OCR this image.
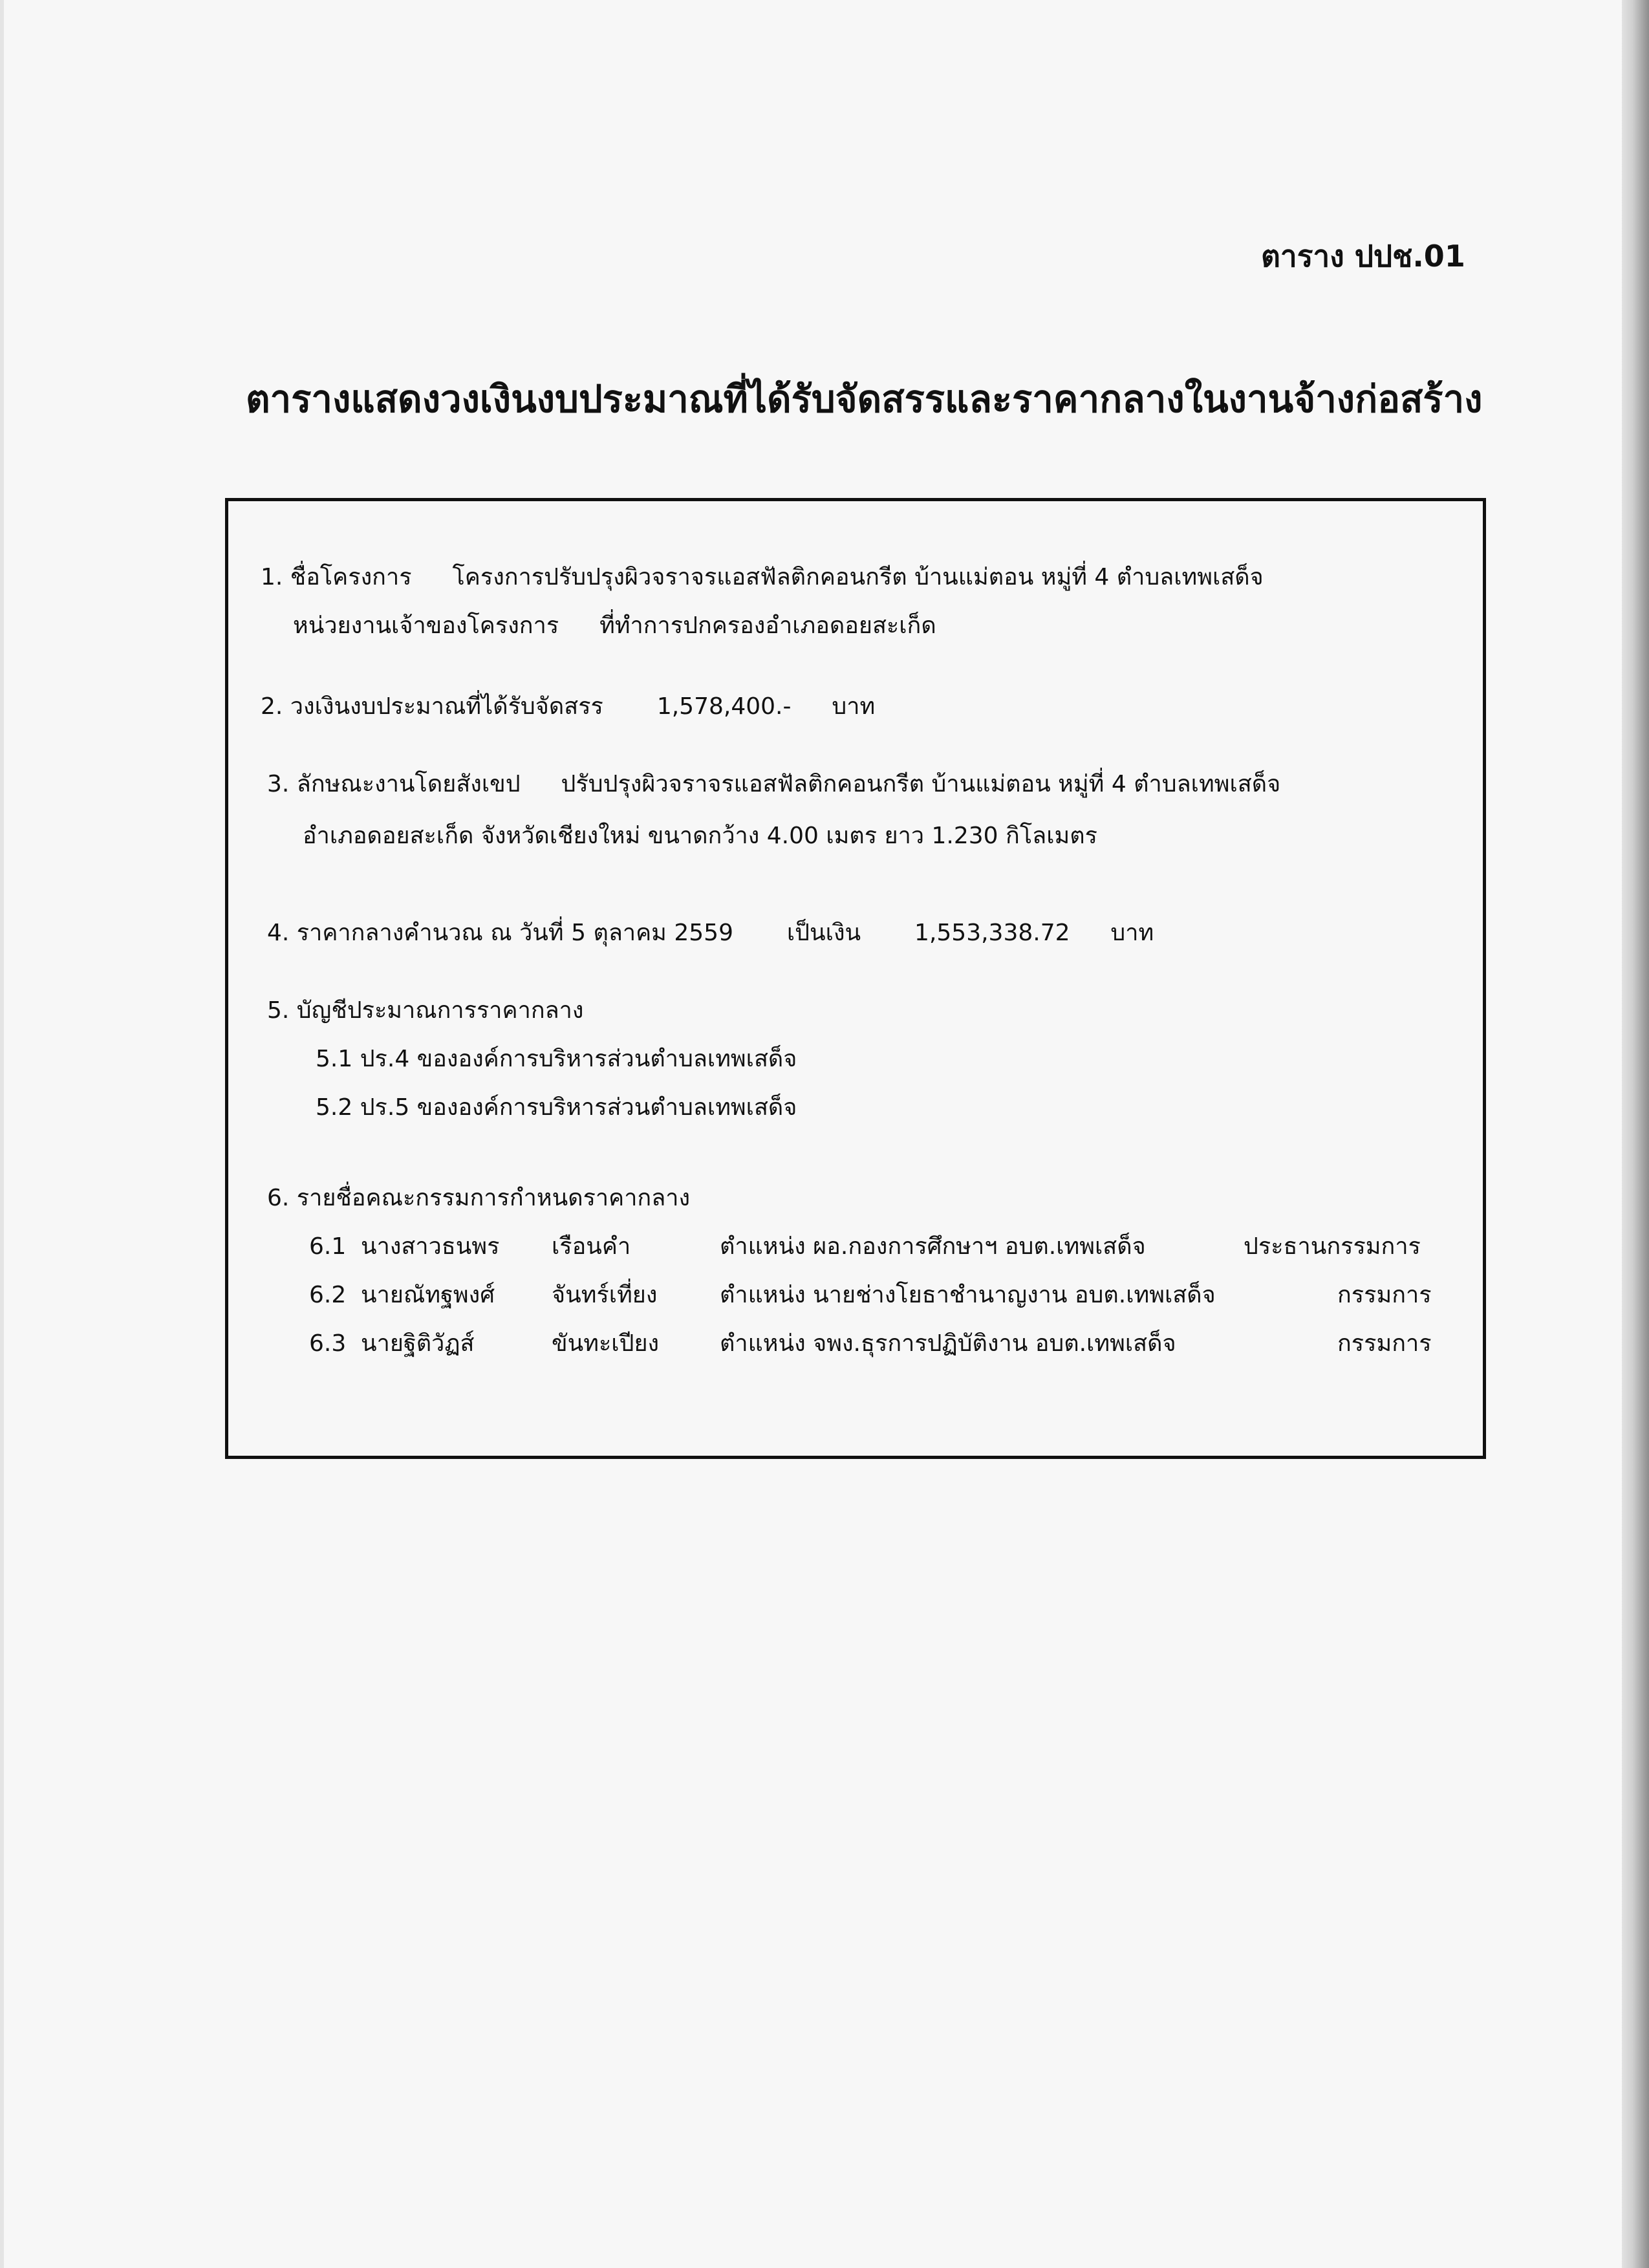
ตาราง ปปช.01
ตารางแสดงวงเงินงบประมาณที่ได้รับจัดสรรและราคากลางในงานจ้างก่อสร้าง
1. ชื่อโครงการ โครงการปรับปรุงผิวจราจรแอสฟัลติกคอนกรีต บ้านแม่ตอน หมู่ที่ 4 ตำบลเทพเสด็จ
หน่วยงานเจ้าของโครงการ ที่ทำการปกครองอำเภอดอยสะเก็ด
2. วงเงินงบประมาณที่ได้รับจัดสรร 1,578,400.- บาท
3. ลักษณะงานโดยสังเขป ปรับปรุงผิวจราจรแอสฟัลติกคอนกรีต บ้านแม่ตอน หมู่ที่ 4 ตำบลเทพเสด็จ
อำเภอดอยสะเก็ด จังหวัดเชียงใหม่ ขนาดกว้าง 4.00 เมตร ยาว 1.230 กิโลเมตร
4. ราคากลางคำนวณ ณ วันที่ 5 ตุลาคม 2559 เป็นเงิน 1,553,338.72 บาท
5. บัญชีประมาณการราคากลาง
5.1 ปร.4 ขององค์การบริหารส่วนตำบลเทพเสด็จ
5.2 ปร.5 ขององค์การบริหารส่วนตำบลเทพเสด็จ
6. รายชื่อคณะกรรมการกำหนดราคากลาง
6.1 นางสาวธนพร เรือนคำ	ตำแหน่ง ผอ.กองการศึกษาฯ อบต.เทพเสด็จ	ประธานกรรมการ
6.2 นายณัทฐพงศ์ จันทร์เที่ยง	ตำแหน่ง นายช่างโยธาชำนาญงาน อบต.เทพเสด็จ	กรรมการ
6.3 นายฐิติวัฏส์	ขันทะเปียง	ตำแหน่ง จพง.ธุรการปฏิบัติงาน อบต.เทพเสด็จ	กรรมการ
